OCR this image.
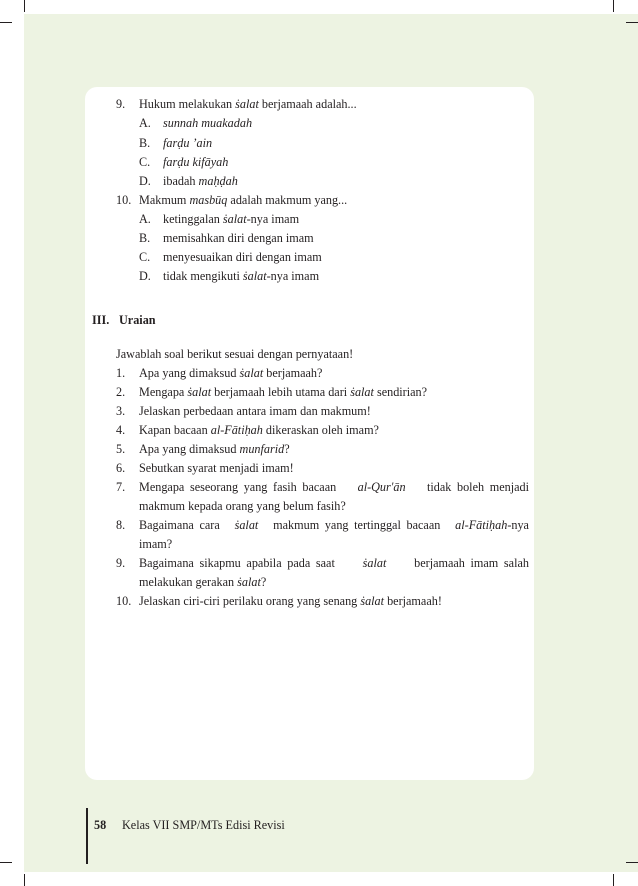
9. Hukum melakukan ṡalat berjamaah adalah...
A. sunnah muakadah
B. farḍu ’ain
C. farḍu kifāyah
D. ibadah maḥḍah
10. Makmum masbūq adalah makmum yang...
A. ketinggalan ṡalat-nya imam
B. memisahkan diri dengan imam
C. menyesuaikan diri dengan imam
D. tidak mengikuti ṡalat-nya imam
III. Uraian
Jawablah soal berikut sesuai dengan pernyataan!
1. Apa yang dimaksud ṡalat berjamaah?
2. Mengapa ṡalat berjamaah lebih utama dari ṡalat sendirian?
3. Jelaskan perbedaan antara imam dan makmum!
4. Kapan bacaan al-Fātiḥah dikeraskan oleh imam?
5. Apa yang dimaksud munfarid?
6. Sebutkan syarat menjadi imam!
7. Mengapa seseorang yang fasih bacaan al-Qur'ān tidak boleh menjadi
makmum kepada orang yang belum fasih?
8. Bagaimana cara ṡalat makmum yang tertinggal bacaan al-Fātiḥah-nya
imam?
9. Bagaimana sikapmu apabila pada saat ṡalat berjamaah imam salah
melakukan gerakan ṡalat?
10. Jelaskan ciri-ciri perilaku orang yang senang ṡalat berjamaah!
58 Kelas VII SMP/MTs Edisi Revisi
